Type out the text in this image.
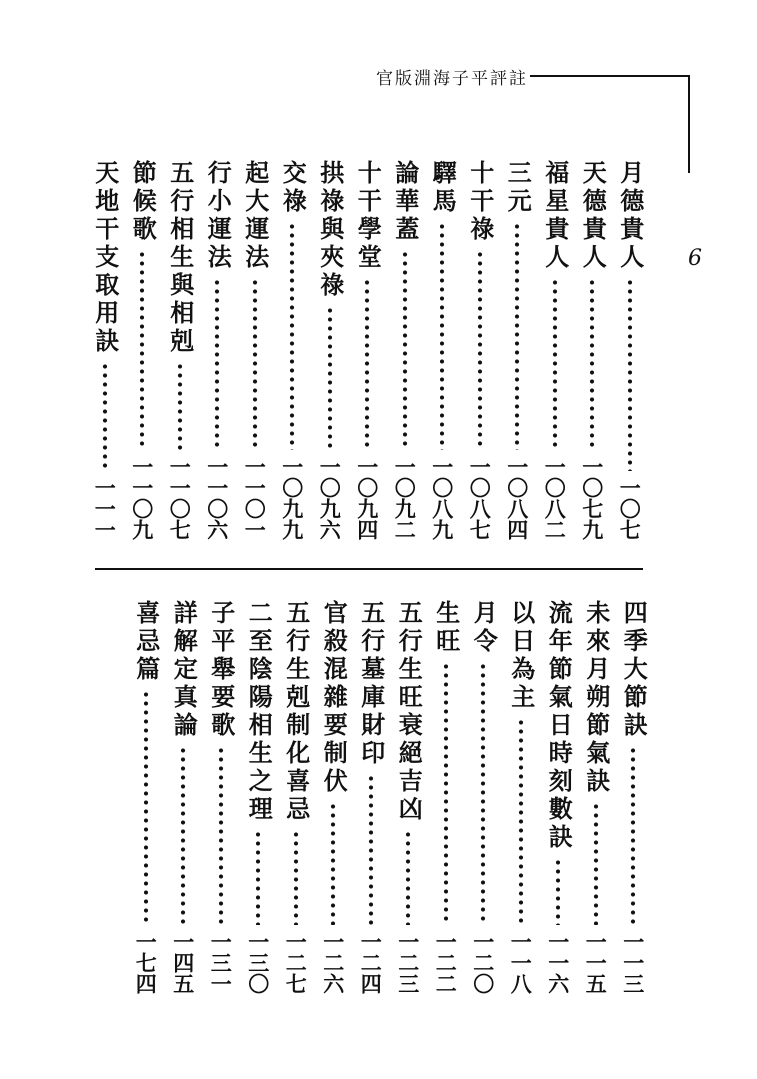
官版淵海子平評註
6
月德貴人
一〇七
天德貴人
一〇七九
福星貴人
一〇八二
三元
一〇八四
十干祿
一〇八七
驛馬
一〇八九
論華蓋
一〇九二
十干學堂
一〇九四
拱祿與夾祿
一〇九六
交祿
一〇九九
起大運法
一一〇一
行小運法
一一〇六
五行相生與相剋
一一〇七
節候歌
一一〇九
天地干支取用訣
一一一
四季大節訣
一一三
未來月朔節氣訣
一一五
流年節氣日時刻數訣
一一六
以日為主
一一八
月令
一二〇
生旺
一二二
五行生旺衰絕吉凶
一二三
五行墓庫財印
一二四
官殺混雜要制伏
一二六
五行生剋制化喜忌
一二七
二至陰陽相生之理
一三〇
子平舉要歌
一三一
詳解定真論
一四五
喜忌篇
一七四
